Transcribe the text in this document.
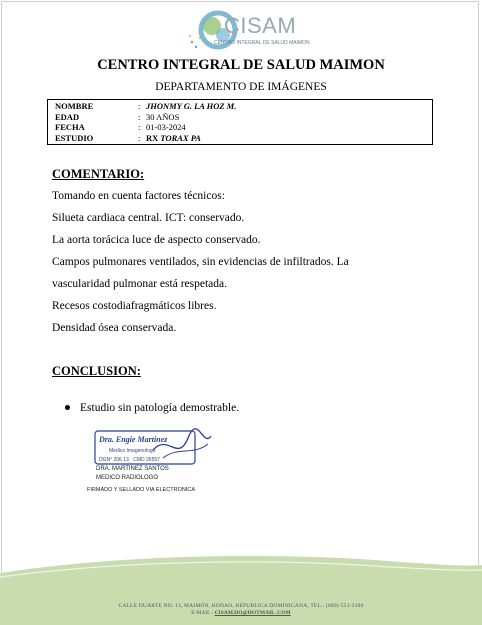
CISAM
CENTRO INTEGRAL DE SALUD MAIMON
CENTRO INTEGRAL DE SALUD MAIMON
DEPARTAMENTO DE IMÁGENES
NOMBRE	: JHONMY G. LA HOZ M.
EDAD	: 30 AÑOS
FECHA	: 01-03-2024
ESTUDIO	: RX TORAX PA
COMENTARIO:
Tomando en cuenta factores técnicos:
Silueta cardiaca central. ICT: conservado.
La aorta torácica luce de aspecto conservado.
Campos pulmonares ventilados, sin evidencias de infiltrados. La
vascularidad pulmonar está respetada.
Recesos costodiafragmáticos libres.
Densidad ósea conservada.
CONCLUSION:
Estudio sin patología demostrable.
Dra. Engie Martinez
Medico Imagenologo
DGN° 206 13 · CMD 26557
DRA. MARTINEZ SANTOS
MEDICO RADIOLOGO
FIRMADO Y SELLADO VIA ELECTRONICA
CALLE DUARTE NO. 13, MAIMÓN, BONAO, REPUBLICA DOMINICANA, TEL.: (809)-551-2100
E-MAIL : CISAM.DO@HOTMAIL .COM
